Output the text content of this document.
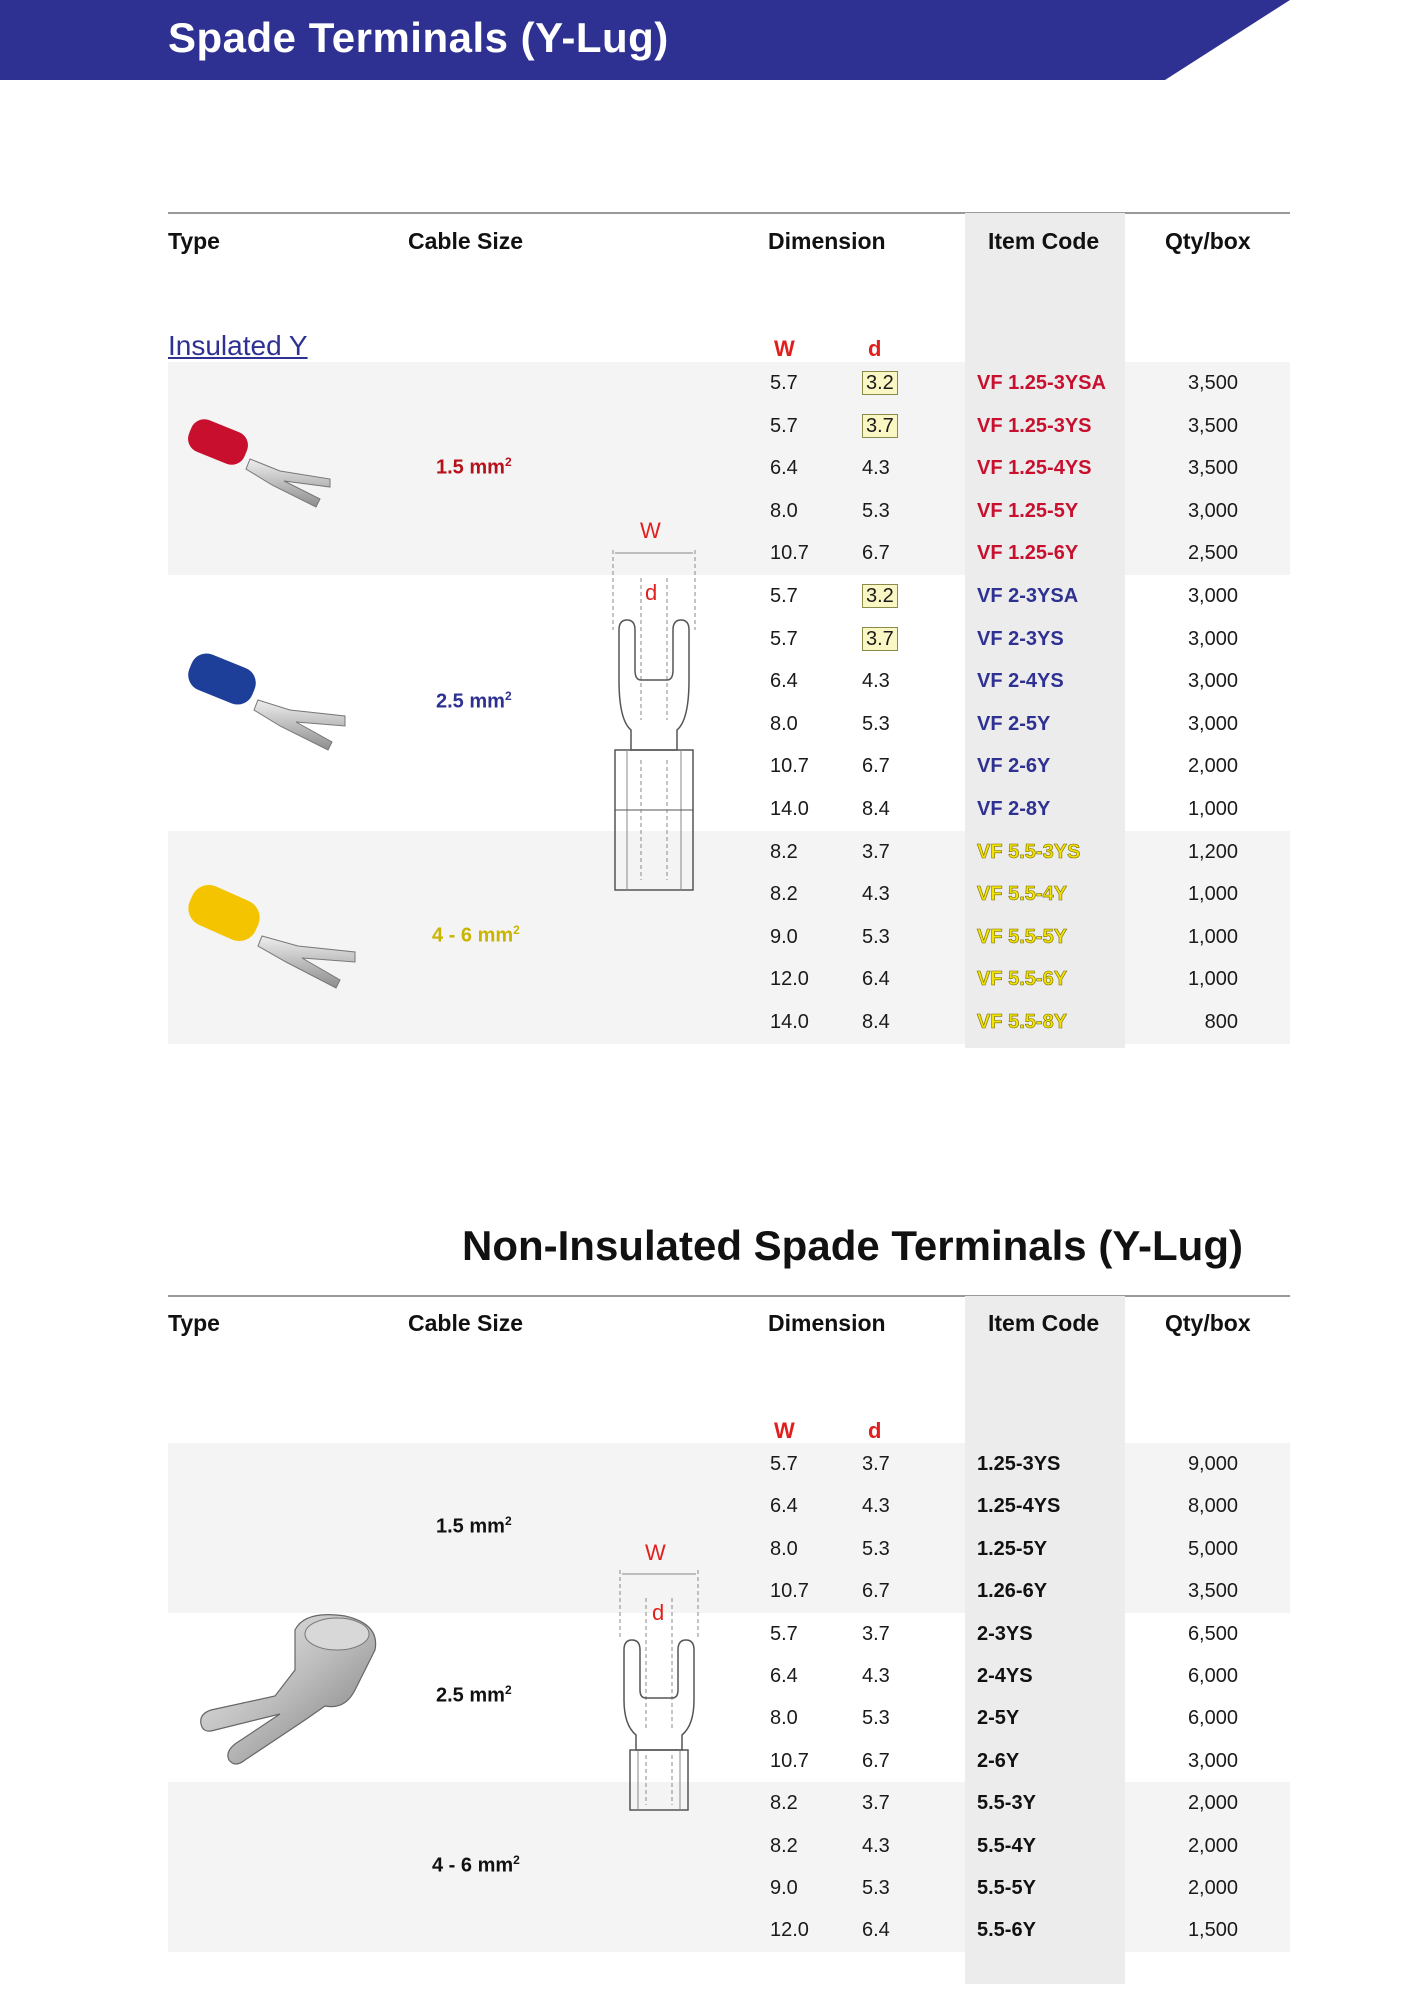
Spade Terminals (Y-Lug)
Type	Cable Size	Dimension	Item Code	Qty/box
Insulated Y	W	d
1.5 $mm^2$
5.7	3.2	VF 1.25-3YSA	3,500
5.7	3.7	VF 1.25-3YS	3,500
6.4	4.3	VF 1.25-4YS	3,500
8.0	5.3	VF 1.25-5Y	3,000
10.7	6.7	VF 1.25-6Y	2,500
2.5 $mm^2$
5.7	3.2	VF 2-3YSA	3,000
5.7	3.7	VF 2-3YS	3,000
6.4	4.3	VF 2-4YS	3,000
8.0	5.3	VF 2-5Y	3,000
10.7	6.7	VF 2-6Y	2,000
14.0	8.4	VF 2-8Y	1,000
4 - 6 $mm^2$
8.2	3.7	VF 5.5-3YS	1,200
8.2	4.3	VF 5.5-4Y	1,000
9.0	5.3	VF 5.5-5Y	1,000
12.0	6.4	VF 5.5-6Y	1,000
14.0	8.4	VF 5.5-8Y	800
W
d
Non-Insulated Spade Terminals (Y-Lug)
Type	Cable Size	Dimension	Item Code	Qty/box
W	d
1.5 $mm^2$
5.7	3.7	1.25-3YS	9,000
6.4	4.3	1.25-4YS	8,000
8.0	5.3	1.25-5Y	5,000
10.7	6.7	1.26-6Y	3,500
2.5 $mm^2$
5.7	3.7	2-3YS	6,500
6.4	4.3	2-4YS	6,000
8.0	5.3	2-5Y	6,000
10.7	6.7	2-6Y	3,000
4 - 6 $mm^2$
8.2	3.7	5.5-3Y	2,000
8.2	4.3	5.5-4Y	2,000
9.0	5.3	5.5-5Y	2,000
12.0	6.4	5.5-6Y	1,500
W
d
